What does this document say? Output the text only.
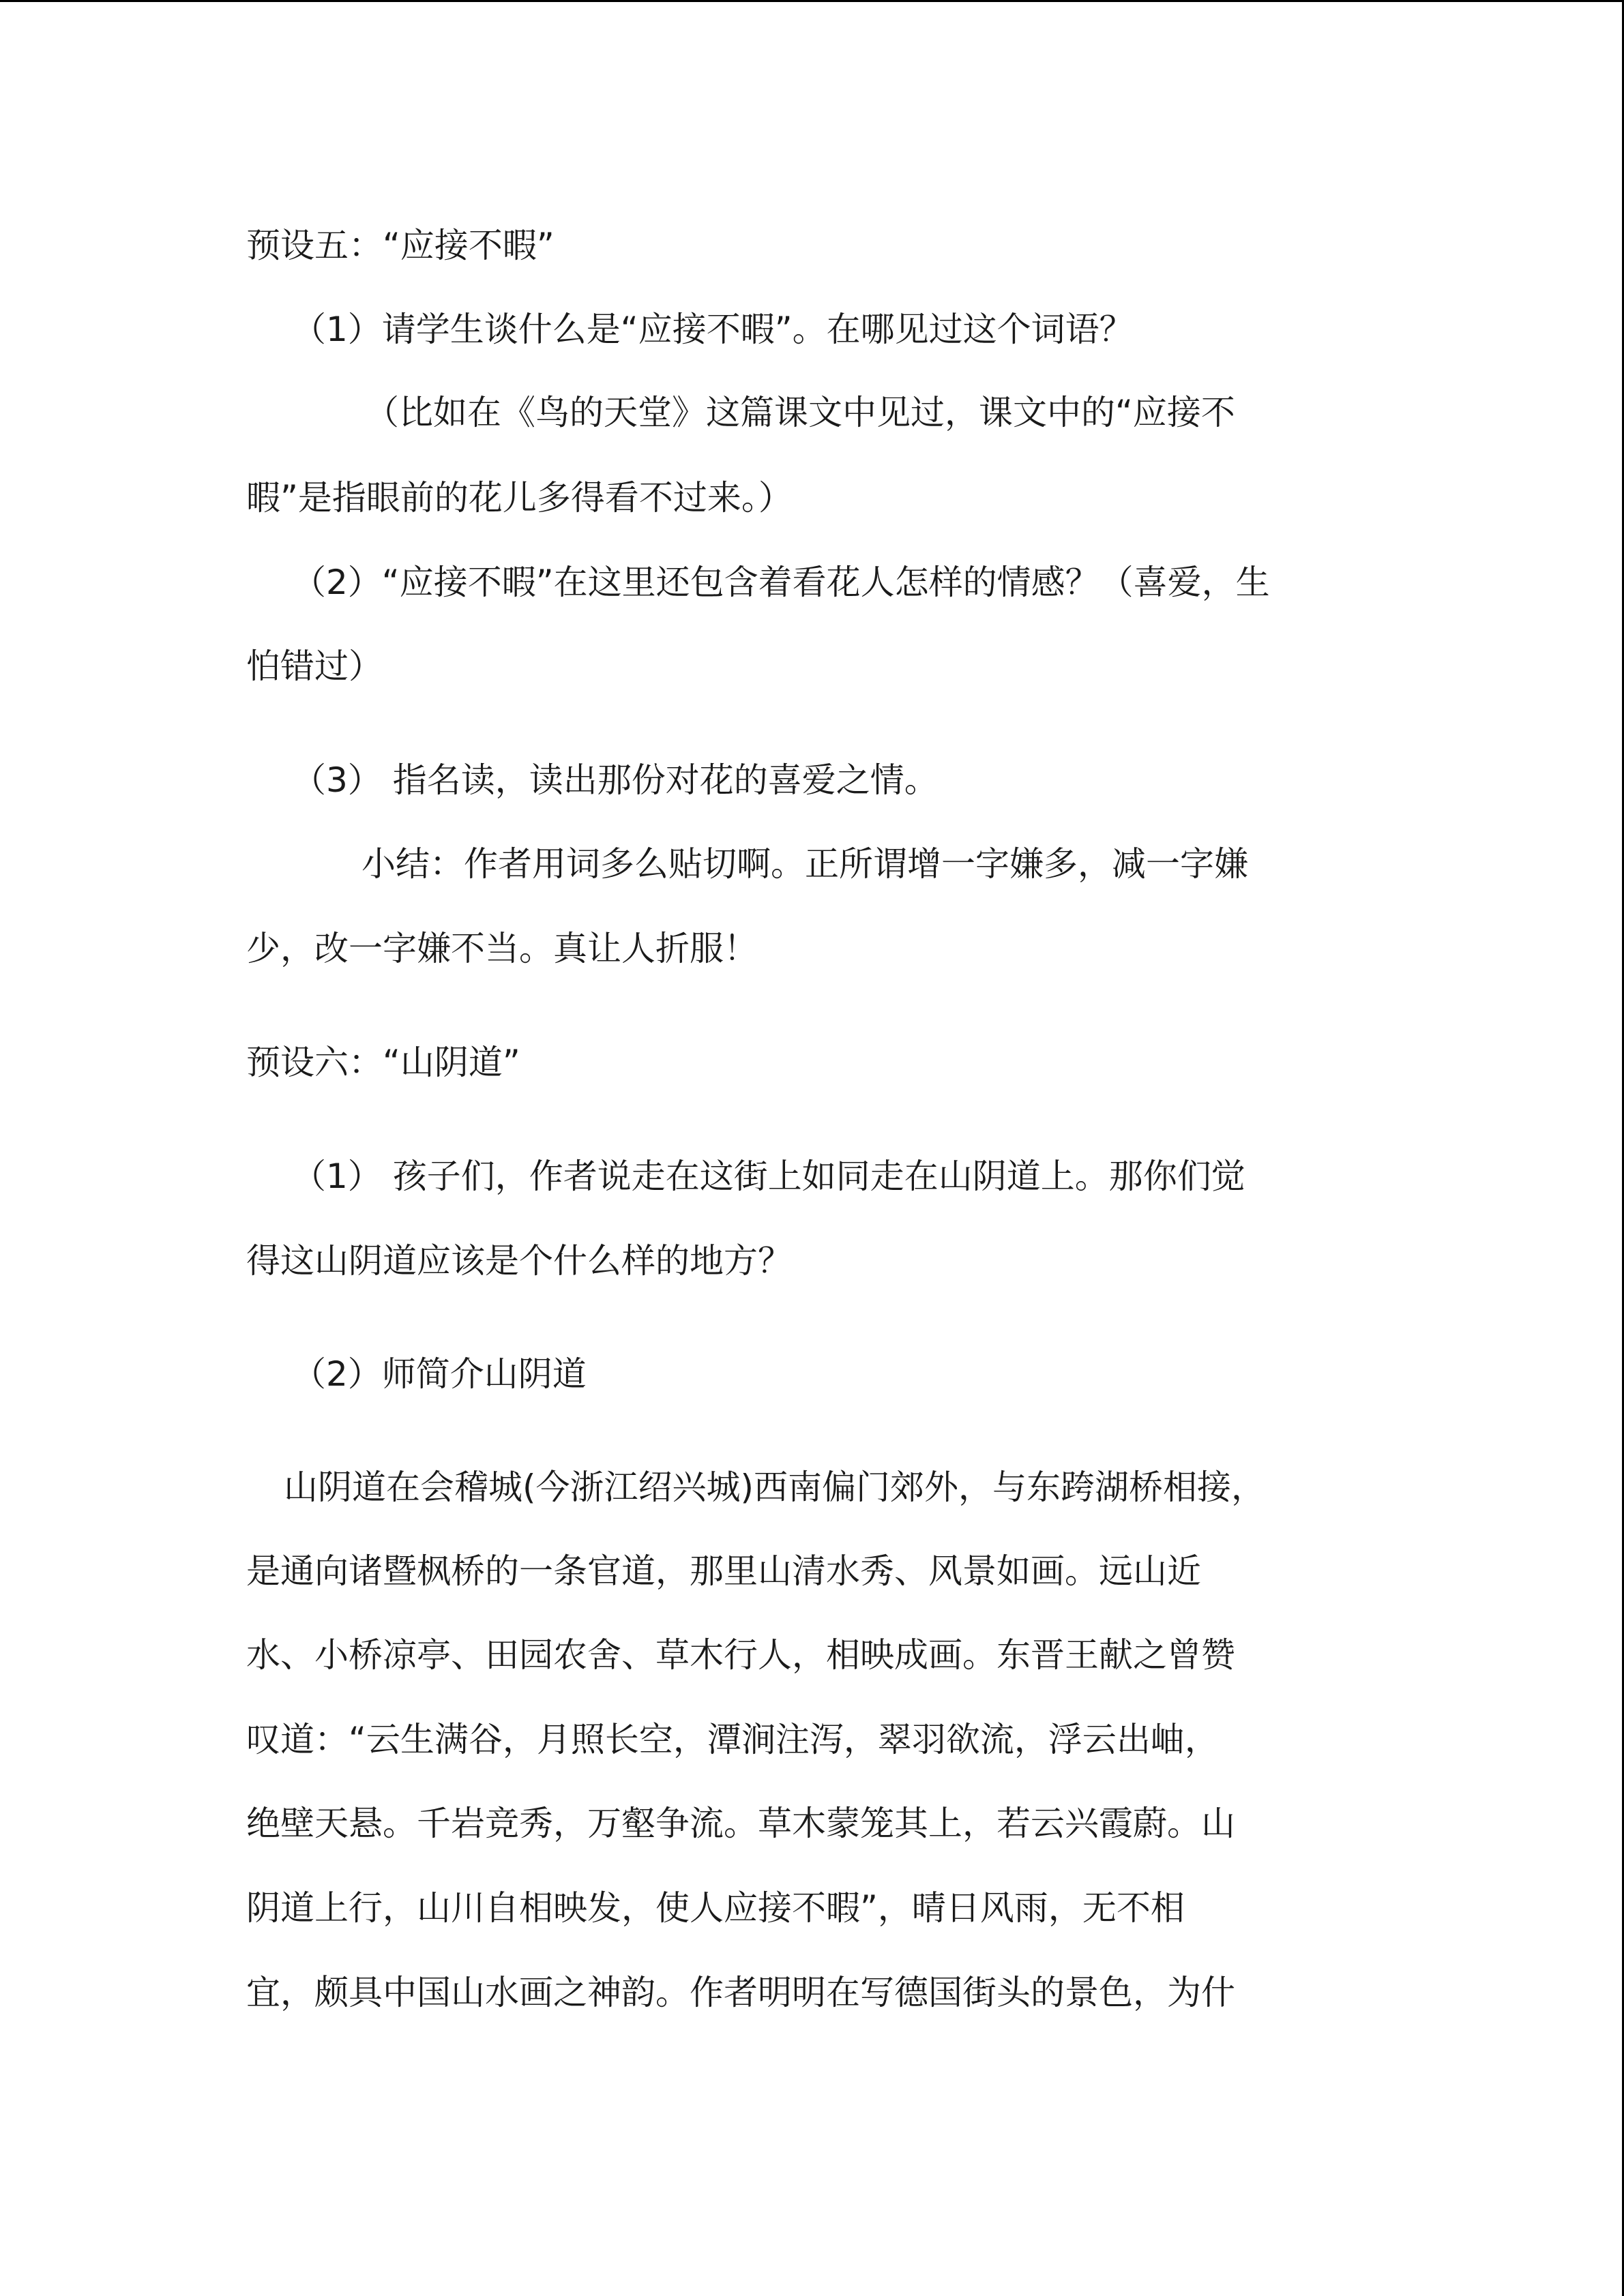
预设五：“应接不暇”

（1）请学生谈什么是“应接不暇”。在哪见过这个词语？

（比如在《鸟的天堂》这篇课文中见过，课文中的“应接不

暇”是指眼前的花儿多得看不过来。）

（2）“应接不暇”在这里还包含着看花人怎样的情感？（喜爱，生

怕错过）

（3） 指名读，读出那份对花的喜爱之情。

小结：作者用词多么贴切啊。正所谓增一字嫌多，减一字嫌

少，改一字嫌不当。真让人折服！

预设六：“山阴道”

（1） 孩子们，作者说走在这街上如同走在山阴道上。那你们觉

得这山阴道应该是个什么样的地方？

（2）师简介山阴道

山阴道在会稽城(今浙江绍兴城)西南偏门郊外，与东跨湖桥相接，

是通向诸暨枫桥的一条官道，那里山清水秀、风景如画。远山近

水、小桥凉亭、田园农舍、草木行人，相映成画。东晋王献之曾赞

叹道：“云生满谷，月照长空，潭涧注泻，翠羽欲流，浮云出岫，

绝壁天悬。千岩竞秀，万壑争流。草木蒙笼其上，若云兴霞蔚。山

阴道上行，山川自相映发，使人应接不暇”，晴日风雨，无不相

宜，颇具中国山水画之神韵。作者明明在写德国街头的景色，为什
